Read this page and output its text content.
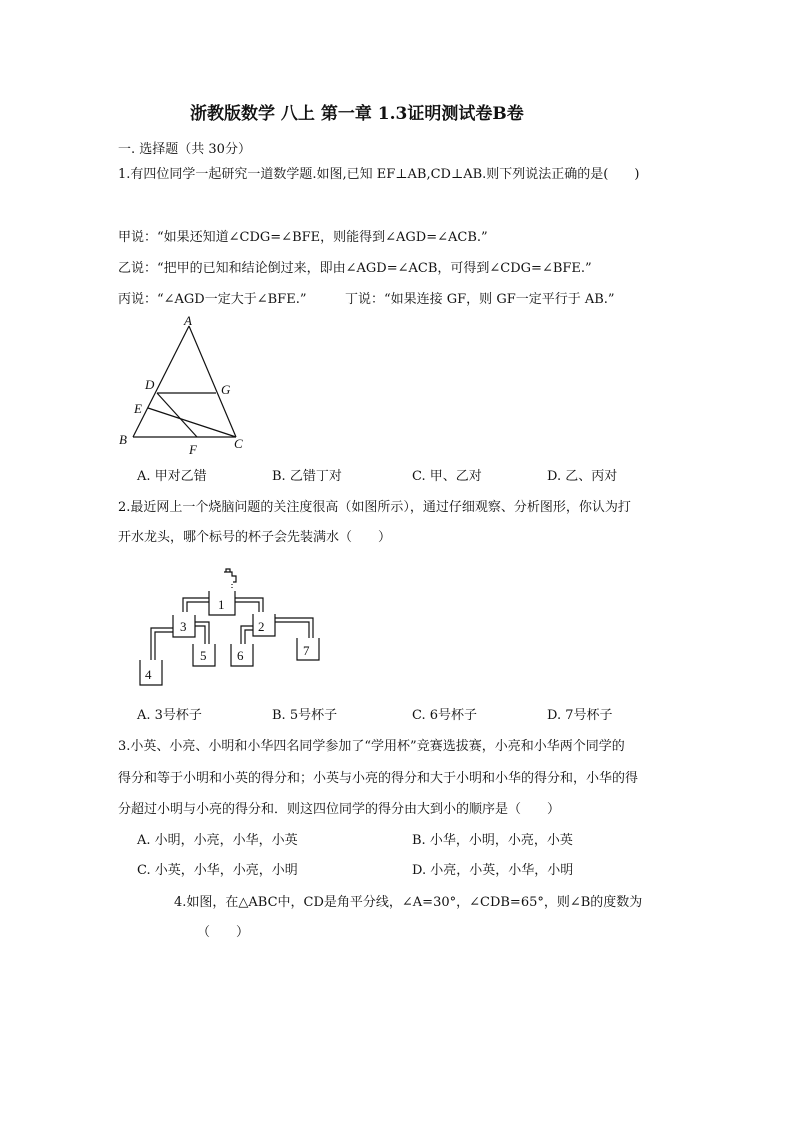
浙教版数学 八上 第一章 1.3证明测试卷B卷
一. 选择题（共 30分）
1.有四位同学一起研究一道数学题.如图,已知 EF⊥AB,CD⊥AB.则下列说法正确的是(　　)
甲说：“如果还知道∠CDG=∠BFE，则能得到∠AGD=∠ACB.”
乙说：“把甲的已知和结论倒过来，即由∠AGD=∠ACB，可得到∠CDG=∠BFE.”
丙说：“∠AGD一定大于∠BFE.”	丁说：“如果连接 GF，则 GF一定平行于 AB.”
A
D	G
E
B
F	C
A. 甲对乙错	B. 乙错丁对	C. 甲、乙对	D. 乙、丙对
2.最近网上一个烧脑问题的关注度很高（如图所示），通过仔细观察、分析图形，你认为打
开水龙头，哪个标号的杯子会先装满水（　　）
1
2
3
4
5 6	7
A. 3号杯子	B. 5号杯子	C. 6号杯子	D. 7号杯子
3.小英、小亮、小明和小华四名同学参加了“学用杯”竞赛选拔赛，小亮和小华两个同学的
得分和等于小明和小英的得分和；小英与小亮的得分和大于小明和小华的得分和，小华的得
分超过小明与小亮的得分和．则这四位同学的得分由大到小的顺序是（　　）
A. 小明，小亮，小华，小英	B. 小华，小明，小亮，小英
C. 小英，小华，小亮，小明	D. 小亮，小英，小华，小明
4.如图，在△ABC中，CD是角平分线，∠A=30°，∠CDB=65°，则∠B的度数为
（　　）
